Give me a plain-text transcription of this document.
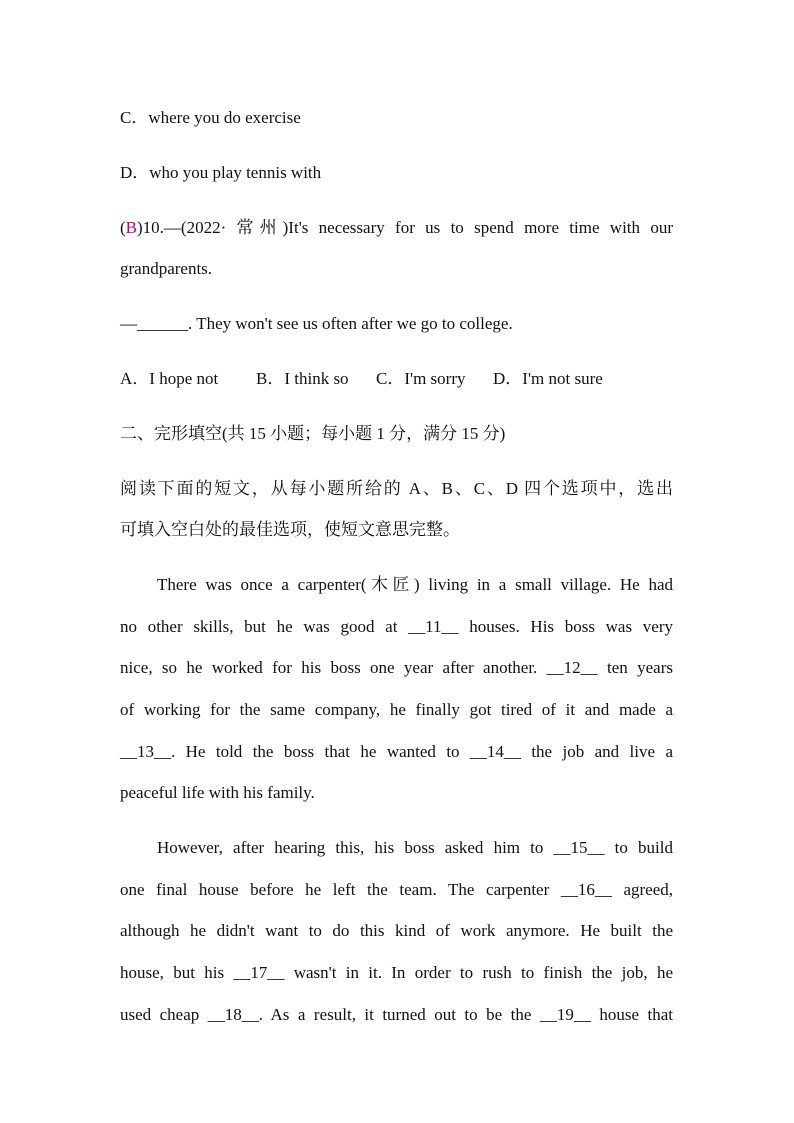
C．where you do exercise
D．who you play tennis with
(B)10.—(2022· 常州)It's necessary for us to spend more time with our
grandparents.
—______. They won't see us often after we go to college.
A．I hope not B．I think so C．I'm sorry D．I'm not sure
二、完形填空(共 15 小题；每小题 1 分，满分 15 分)
阅读下面的短文，从每小题所给的 A、B、C、D 四个选项中，选出
可填入空白处的最佳选项，使短文意思完整。
There was once a carpenter(木匠) living in a small village. He had
no other skills, but he was good at __11__ houses. His boss was very
nice, so he worked for his boss one year after another. __12__ ten years
of working for the same company, he finally got tired of it and made a
__13__. He told the boss that he wanted to __14__ the job and live a
peaceful life with his family.
However, after hearing this, his boss asked him to __15__ to build
one final house before he left the team. The carpenter __16__ agreed,
although he didn't want to do this kind of work anymore. He built the
house, but his __17__ wasn't in it. In order to rush to finish the job, he
used cheap __18__. As a result, it turned out to be the __19__ house that
